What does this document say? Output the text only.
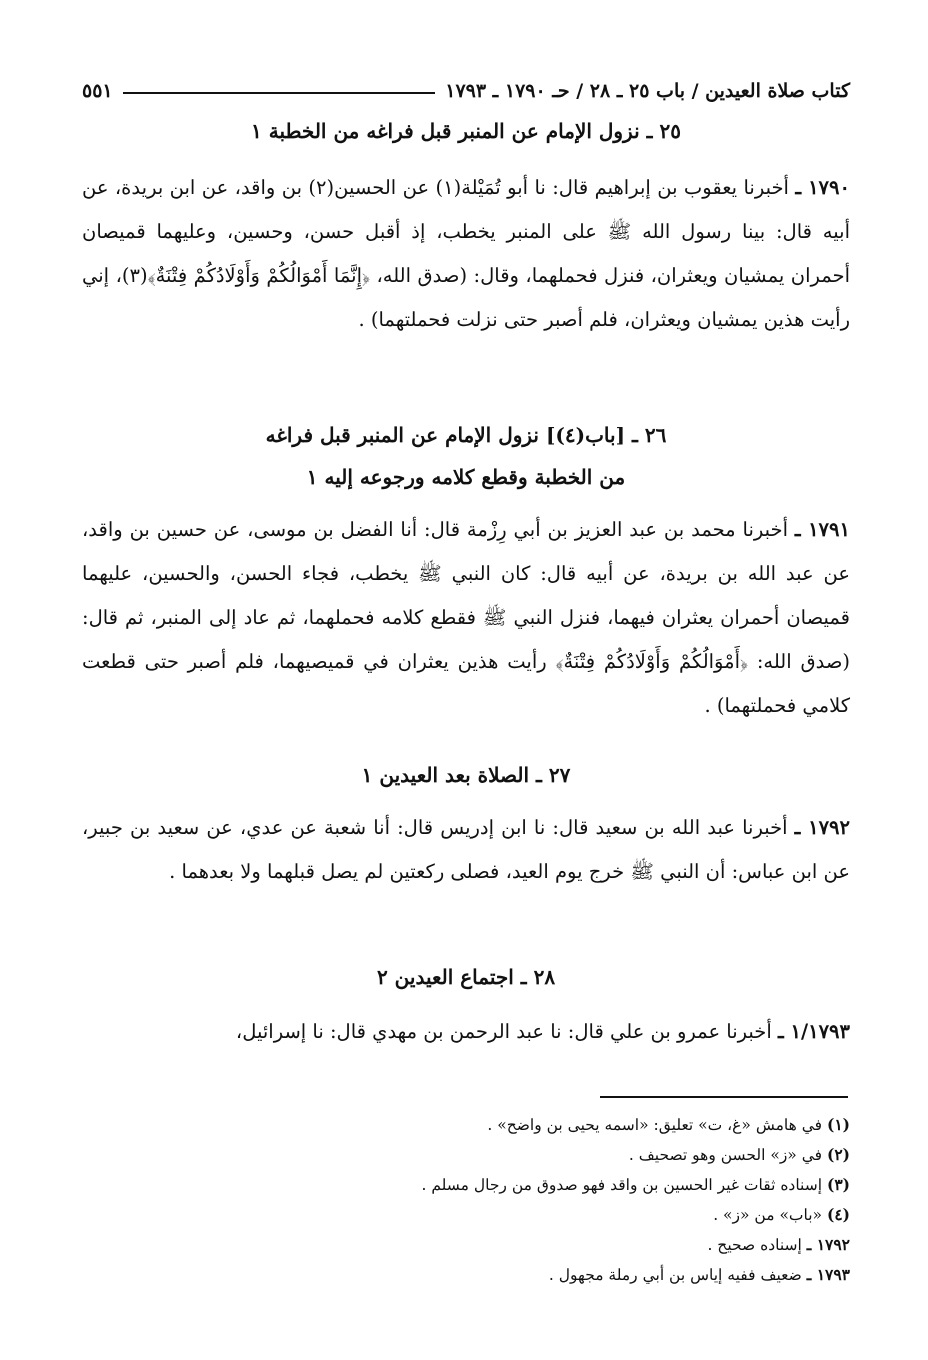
كتاب صلاة العيدين / باب ٢٥ ـ ٢٨ / حـ ١٧٩٠ ـ ١٧٩٣
٥٥١
٢٥ ـ نزول الإمام عن المنبر قبل فراغه من الخطبة ١
١٧٩٠ ـ أخبرنا يعقوب بن إبراهيم قال: نا أبو تُمَيْلة(١) عن الحسين(٢) بن واقد، عن ابن بريدة، عن أبيه قال: بينا رسول الله ﷺ على المنبر يخطب، إذ أقبل حسن، وحسين، وعليهما قميصان أحمران يمشيان ويعثران، فنزل فحملهما، وقال: (صدق الله، ﴿إِنَّمَا أَمْوَالُكُمْ وَأَوْلَادُكُمْ فِتْنَةٌ﴾(٣)، إني رأيت هذين يمشيان ويعثران، فلم أصبر حتى نزلت فحملتهما) .
٢٦ ـ [باب(٤)] نزول الإمام عن المنبر قبل فراغه
من الخطبة وقطع كلامه ورجوعه إليه ١
١٧٩١ ـ أخبرنا محمد بن عبد العزيز بن أبي رِزْمة قال: أنا الفضل بن موسى، عن حسين بن واقد، عن عبد الله بن بريدة، عن أبيه قال: كان النبي ﷺ يخطب، فجاء الحسن، والحسين، عليهما قميصان أحمران يعثران فيهما، فنزل النبي ﷺ فقطع كلامه فحملهما، ثم عاد إلى المنبر، ثم قال: (صدق الله: ﴿أَمْوَالُكُمْ وَأَوْلَادُكُمْ فِتْنَةٌ﴾ رأيت هذين يعثران في قميصيهما، فلم أصبر حتى قطعت كلامي فحملتهما) .
٢٧ ـ الصلاة بعد العيدين ١
١٧٩٢ ـ أخبرنا عبد الله بن سعيد قال: نا ابن إدريس قال: أنا شعبة عن عدي، عن سعيد بن جبير، عن ابن عباس: أن النبي ﷺ خرج يوم العيد، فصلى ركعتين لم يصل قبلهما ولا بعدهما .
٢٨ ـ اجتماع العيدين ٢
١/١٧٩٣ ـ أخبرنا عمرو بن علي قال: نا عبد الرحمن بن مهدي قال: نا إسرائيل،
(١) في هامش «غ، ت» تعليق: «اسمه يحيى بن واضح» .
(٢) في «ز» الحسن وهو تصحيف .
(٣) إسناده ثقات غير الحسين بن واقد فهو صدوق من رجال مسلم .
(٤) «باب» من «ز» .
١٧٩٢ ـ إسناده صحيح .
١٧٩٣ ـ ضعيف ففيه إياس بن أبي رملة مجهول .
